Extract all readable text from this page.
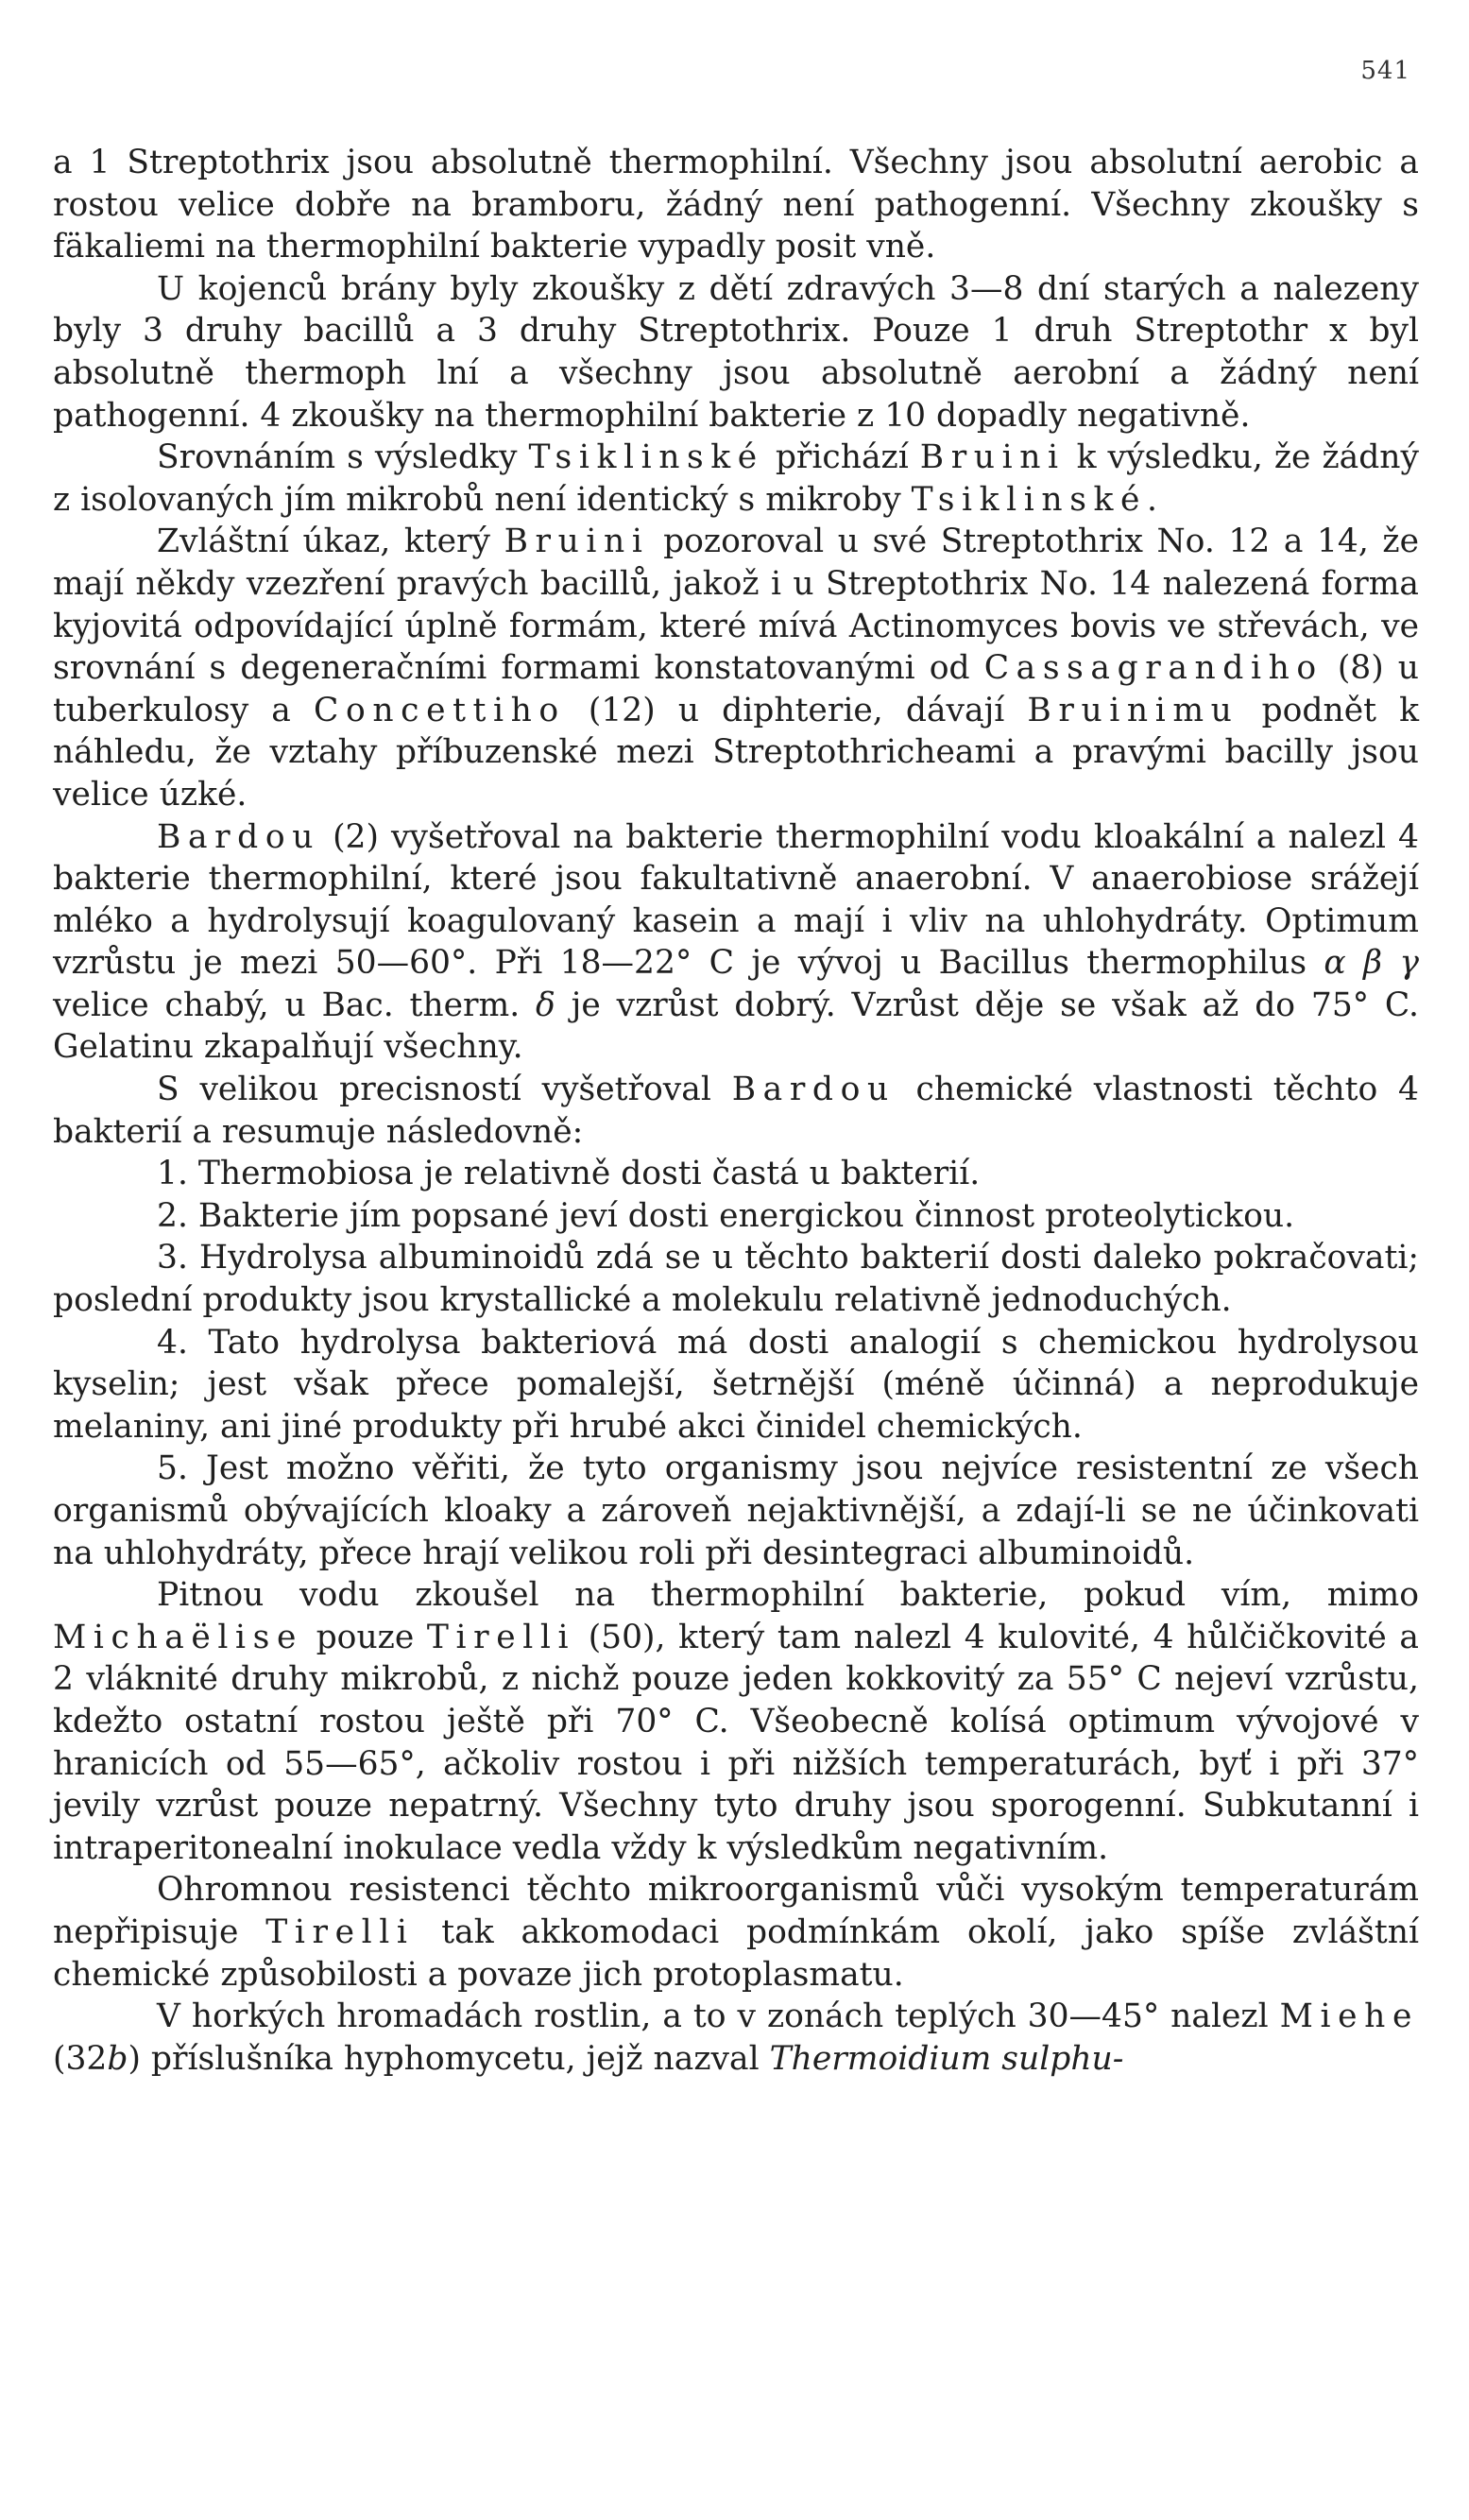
541

a 1 Streptothrix jsou absolutně thermophilní. Všechny jsou absolutní aerobic a rostou velice dobře na bramboru, žádný není pathogenní. Všechny zkoušky s fäkaliemi na thermophilní bakterie vypadly posit vně.

U kojenců brány byly zkoušky z dětí zdravých 3—8 dní starých a nalezeny byly 3 druhy bacillů a 3 druhy Streptothrix. Pouze 1 druh Streptothr x byl absolutně thermoph lní a všechny jsou absolutně aerobní a žádný není pathogenní. 4 zkoušky na thermophilní bakterie z 10 dopadly negativně.

Srovnáním s výsledky Tsiklinské přichází Bruini k výsledku, že žádný z isolovaných jím mikrobů není identický s mikroby Tsiklinské.

Zvláštní úkaz, který Bruini pozoroval u své Streptothrix No. 12 a 14, že mají někdy vzezření pravých bacillů, jakož i u Streptothrix No. 14 nalezená forma kyjovitá odpovídající úplně formám, které mívá Actinomyces bovis ve střevách, ve srovnání s degeneračními formami konstatovanými od Cassagrandiho (8) u tuberkulosy a Concettiho (12) u diphterie, dávají Bruinimu podnět k náhledu, že vztahy příbuzenské mezi Streptothricheami a pravými bacilly jsou velice úzké.

Bardou (2) vyšetřoval na bakterie thermophilní vodu kloakální a nalezl 4 bakterie thermophilní, které jsou fakultativně anaerobní. V anaerobiose srážejí mléko a hydrolysují koagulovaný kasein a mají i vliv na uhlohydráty. Optimum vzrůstu je mezi 50—60°. Při 18—22° C je vývoj u Bacillus thermophilus α β γ velice chabý, u Bac. therm. δ je vzrůst dobrý. Vzrůst děje se však až do 75° C. Gelatinu zkapalňují všechny.

S velikou precisností vyšetřoval Bardou chemické vlastnosti těchto 4 bakterií a resumuje následovně:

1. Thermobiosa je relativně dosti častá u bakterií.

2. Bakterie jím popsané jeví dosti energickou činnost proteolytickou.

3. Hydrolysa albuminoidů zdá se u těchto bakterií dosti daleko pokračovati; poslední produkty jsou krystallické a molekulu relativně jednoduchých.

4. Tato hydrolysa bakteriová má dosti analogií s chemickou hydrolysou kyselin; jest však přece pomalejší, šetrnější (méně účinná) a neprodukuje melaniny, ani jiné produkty při hrubé akci činidel chemických.

5. Jest možno věřiti, že tyto organismy jsou nejvíce resistentní ze všech organismů obývajících kloaky a zároveň nejaktivnější, a zdají-li se ne účinkovati na uhlohydráty, přece hrají velikou roli při desintegraci albuminoidů.

Pitnou vodu zkoušel na thermophilní bakterie, pokud vím, mimo Michaëlise pouze Tirelli (50), který tam nalezl 4 kulovité, 4 hůlčičkovité a 2 vláknité druhy mikrobů, z nichž pouze jeden kokkovitý za 55° C nejeví vzrůstu, kdežto ostatní rostou ještě při 70° C. Všeobecně kolísá optimum vývojové v hranicích od 55—65°, ačkoliv rostou i při nižších temperaturách, byť i při 37° jevily vzrůst pouze nepatrný. Všechny tyto druhy jsou sporogenní. Subkutanní i intraperitonealní inokulace vedla vždy k výsledkům negativním.

Ohromnou resistenci těchto mikroorganismů vůči vysokým temperaturám nepřipisuje Tirelli tak akkomodaci podmínkám okolí, jako spíše zvláštní chemické způsobilosti a povaze jich protoplasmatu.

V horkých hromadách rostlin, a to v zonách teplých 30—45° nalezl Miehe (32b) příslušníka hyphomycetu, jejž nazval Thermoidium sulphu-
